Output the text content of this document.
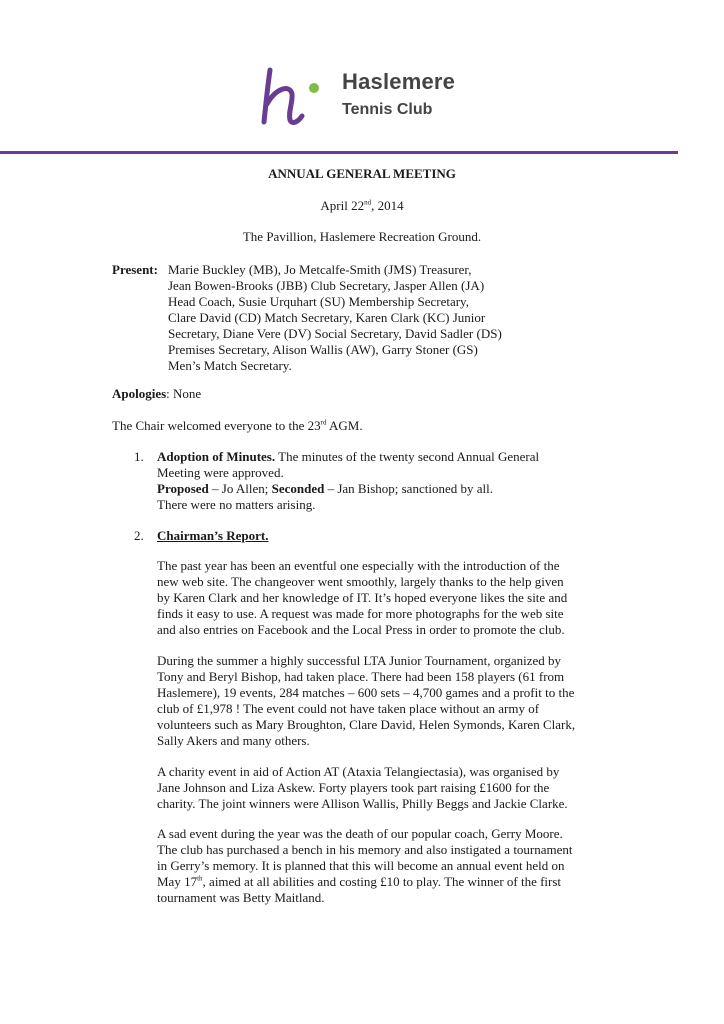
Haslemere
Tennis Club
ANNUAL GENERAL MEETING
April 22nd, 2014
The Pavillion, Haslemere Recreation Ground.
Present: Marie Buckley (MB), Jo Metcalfe-Smith (JMS) Treasurer,
Jean Bowen-Brooks (JBB) Club Secretary, Jasper Allen (JA)
Head Coach, Susie Urquhart (SU) Membership Secretary,
Clare David (CD) Match Secretary, Karen Clark (KC) Junior
Secretary, Diane Vere (DV) Social Secretary, David Sadler (DS)
Premises Secretary, Alison Wallis (AW), Garry Stoner (GS)
Men’s Match Secretary.
Apologies: None
The Chair welcomed everyone to the 23rd AGM.
1. Adoption of Minutes. The minutes of the twenty second Annual General
Meeting were approved.
Proposed – Jo Allen; Seconded – Jan Bishop; sanctioned by all.
There were no matters arising.
2. Chairman’s Report.
The past year has been an eventful one especially with the introduction of the
new web site. The changeover went smoothly, largely thanks to the help given
by Karen Clark and her knowledge of IT. It’s hoped everyone likes the site and
finds it easy to use. A request was made for more photographs for the web site
and also entries on Facebook and the Local Press in order to promote the club.
During the summer a highly successful LTA Junior Tournament, organized by
Tony and Beryl Bishop, had taken place. There had been 158 players (61 from
Haslemere), 19 events, 284 matches – 600 sets – 4,700 games and a profit to the
club of £1,978 ! The event could not have taken place without an army of
volunteers such as Mary Broughton, Clare David, Helen Symonds, Karen Clark,
Sally Akers and many others.
A charity event in aid of Action AT (Ataxia Telangiectasia), was organised by
Jane Johnson and Liza Askew. Forty players took part raising £1600 for the
charity. The joint winners were Allison Wallis, Philly Beggs and Jackie Clarke.
A sad event during the year was the death of our popular coach, Gerry Moore.
The club has purchased a bench in his memory and also instigated a tournament
in Gerry’s memory. It is planned that this will become an annual event held on
May 17th, aimed at all abilities and costing £10 to play. The winner of the first
tournament was Betty Maitland.
